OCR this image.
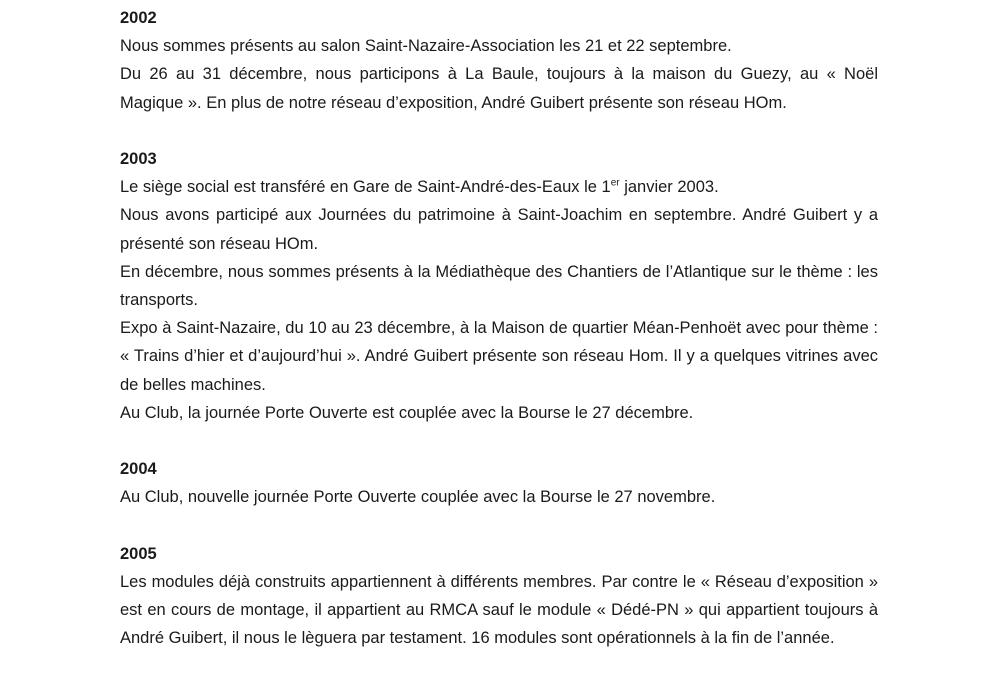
2002

Nous sommes présents au salon Saint-Nazaire-Association les 21 et 22 septembre.

Du 26 au 31 décembre, nous participons à La Baule, toujours à la maison du Guezy, au « Noël Magique ». En plus de notre réseau d’exposition, André Guibert présente son réseau HOm.

2003

Le siège social est transféré en Gare de Saint-André-des-Eaux le 1er janvier 2003.

Nous avons participé aux Journées du patrimoine à Saint-Joachim en septembre. André Guibert y a présenté son réseau HOm.

En décembre, nous sommes présents à la Médiathèque des Chantiers de l’Atlantique sur le thème : les transports.

Expo à Saint-Nazaire, du 10 au 23 décembre, à la Maison de quartier Méan-Penhoët avec pour thème : « Trains d’hier et d’aujourd’hui ». André Guibert présente son réseau Hom. Il y a quelques vitrines avec de belles machines.

Au Club, la journée Porte Ouverte est couplée avec la Bourse le 27 décembre.

2004

Au Club, nouvelle journée Porte Ouverte couplée avec la Bourse le 27 novembre.

2005

Les modules déjà construits appartiennent à différents membres. Par contre le « Réseau d’exposition » est en cours de montage, il appartient au RMCA sauf le module « Dédé-PN » qui appartient toujours à André Guibert, il nous le lèguera par testament. 16 modules sont opérationnels à la fin de l’année.
